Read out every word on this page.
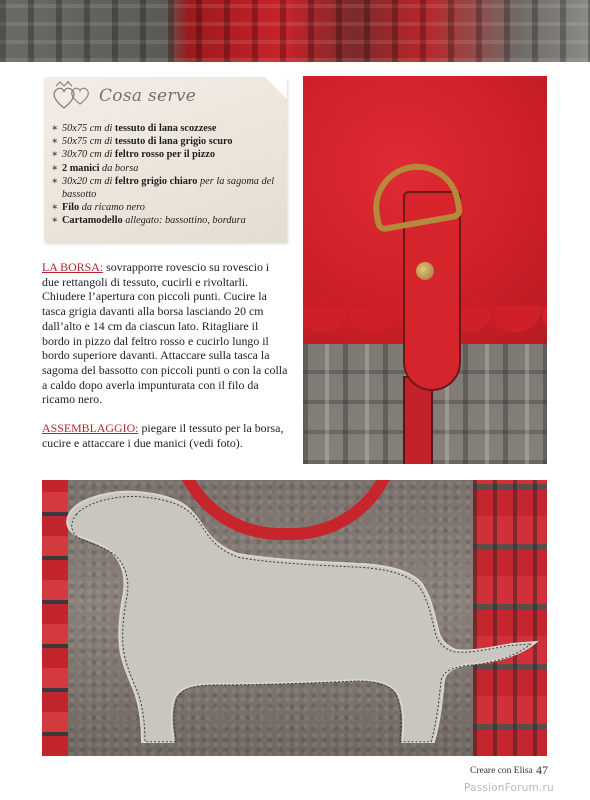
Cosa serve
✶ 50x75 cm di tessuto di lana scozzese
✶ 50x75 cm di tessuto di lana grigio scuro
✶ 30x70 cm di feltro rosso per il pizzo
✶ 2 manici da borsa
✶ 30x20 cm di feltro grigio chiaro per la sagoma del bassotto
✶ Filo da ricamo nero
✶ Cartamodello allegato: bassottino, bordura

LA BORSA: sovrapporre rovescio su rovescio i due rettangoli di tessuto, cucirli e rivoltarli. Chiudere l’apertura con piccoli punti. Cucire la tasca grigia davanti alla borsa lasciando 20 cm dall’alto e 14 cm da ciascun lato. Ritagliare il bordo in pizzo dal feltro rosso e cucirlo lungo il bordo superiore davanti. Attaccare sulla tasca la sagoma del bassotto con piccoli punti o con la colla a caldo dopo averla impunturata con il filo da ricamo nero.

ASSEMBLAGGIO: piegare il tessuto per la borsa, cucire e attaccare i due manici (vedi foto).

Creare con Elisa 47
PassionForum.ru
